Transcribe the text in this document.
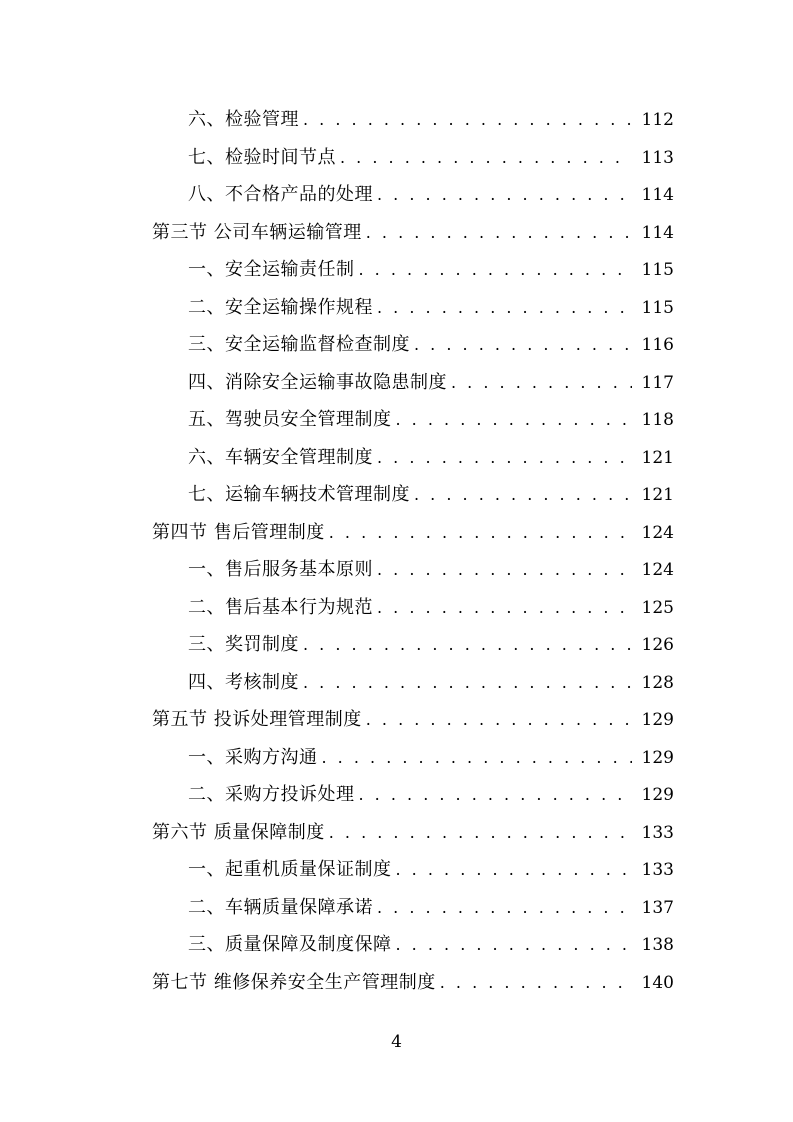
六、检验管理 . . .	112
七、检验时间节点 . . .	113
八、不合格产品的处理 . . .	114
第三节 公司车辆运输管理 . . .	114
一、安全运输责任制 . . .	115
二、安全运输操作规程 . . .	115
三、安全运输监督检查制度 . . .	116
四、消除安全运输事故隐患制度 . . .	117
五、驾驶员安全管理制度 . . .	118
六、车辆安全管理制度 . . .	121
七、运输车辆技术管理制度 . . .	121
第四节 售后管理制度 . . .	124
一、售后服务基本原则 . . .	124
二、售后基本行为规范 . . .	125
三、奖罚制度 . . .	126
四、考核制度 . . .	128
第五节 投诉处理管理制度 . . .	129
一、采购方沟通 . . .	129
二、采购方投诉处理 . . .	129
第六节 质量保障制度 . . .	133
一、起重机质量保证制度 . . .	133
二、车辆质量保障承诺 . . .	137
三、质量保障及制度保障 . . .	138
第七节 维修保养安全生产管理制度 . . .	140
4
